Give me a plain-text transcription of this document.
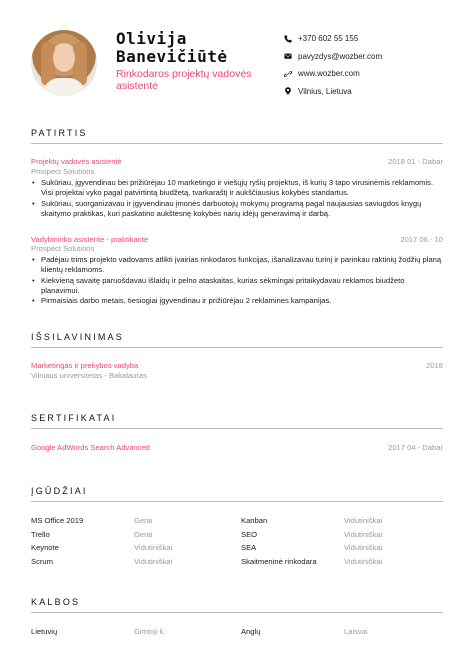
Olivija
Banevičiūtė
Rinkodaros projektų vadovės asistentė
+370 602 55 155
pavyzdys@wozber.com
www.wozber.com
Vilnius, Lietuva
PATIRTIS
Projektų vadovės asistentė	2018 01 - Dabar
Prospect Solutions
• Sukūriau, įgyvendinau bei prižiūrėjau 10 marketingo ir viešųjų ryšių projektus, iš kurių 3 tapo virusinėmis reklamomis. Visi projektai vyko pagal patvirtintą biudžetą, tvarkaraštį ir aukščiausius kokybės standartus.
• Sukūriau, suorganizavau ir įgyvendinau įmonės darbuotojų mokymų programą pagal naujausias saviugdos knygų skaitymo praktikas, kuri paskatino aukštesnę kokybės narių idėjų generavimą ir darbą.
Vadybininko asistentė - praktikantė	2017 06 - 10
Prospect Solutions
• Padėjau trims projekto vadovams atlikti įvairias rinkodaros funkcijas, išanalizavau turinį ir parinkau raktinių žodžių planą klientų reklamoms.
• Kiekvieną savaitę paruošdavau išlaidų ir pelno ataskaitas, kurias sėkmingai pritaikydavau reklamos biudžeto planavimui.
• Pirmaisiais darbo metais, tiesiogiai įgyvendinau ir prižiūrėjau 2 reklamines kampanijas.
IŠSILAVINIMAS
Marketingas ir prekybos vadyba	2018
Vilniaus universitetas - Bakalauras
SERTIFIKATAI
Google AdWords Search Advanced	2017 04 - Dabar
ĮGŪDŽIAI
MS Office 2019	Gerai	Kanban	Vidutiniškai
Trello	Gerai	SEO	Vidutiniškai
Keynote	Vidutiniškai	SEA	Vidutiniškai
Scrum	Vidutiniškai	Skaitmeninė rinkodara	Vidutiniškai
KALBOS
Lietuvių	Gimtoji k.	Anglų	Laisvai
